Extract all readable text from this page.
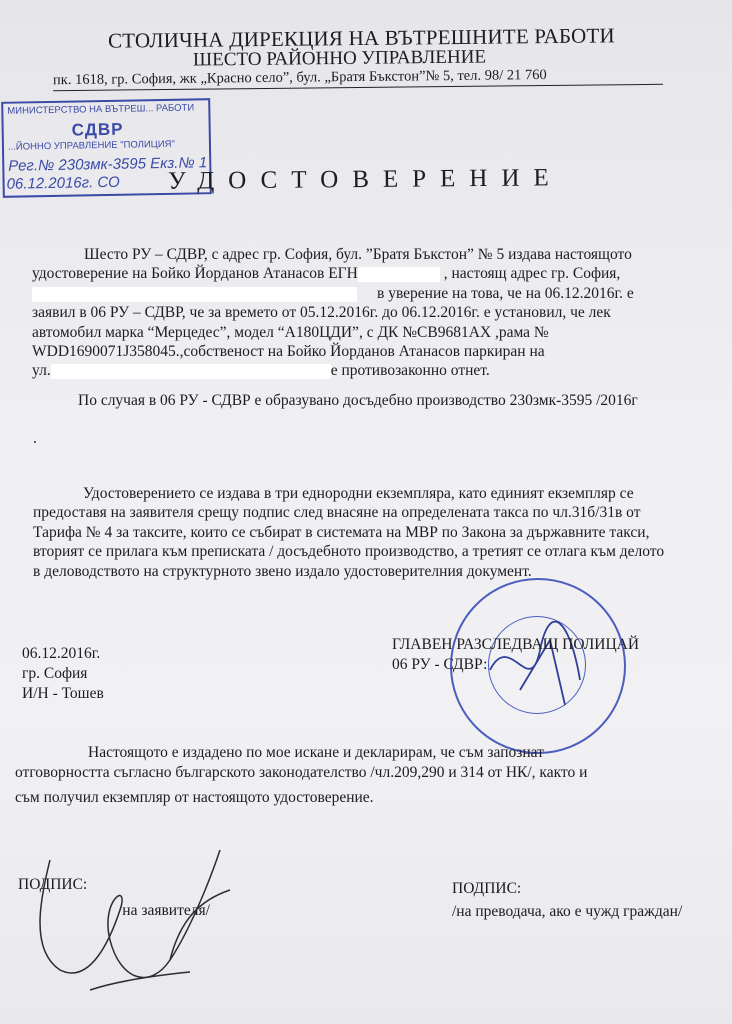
СТОЛИЧНА ДИРЕКЦИЯ НА ВЪТРЕШНИТЕ РАБОТИ
ШЕСТО РАЙОННО УПРАВЛЕНИЕ
пк. 1618, гр. София, жк „Красно село”, бул. „Братя Бъкстон”№ 5, тел. 98/ 21 760
МИНИСТЕРСТВО НА ВЪТРЕШ... РАБОТИ
СДВР
...ЙОННО УПРАВЛЕНИЕ "ПОЛИЦИЯ"
Рег.№ 230змк-3595 Екз.№ 1
06.12.2016г. СО УДОСТОВЕРЕНИЕ
Шесто РУ – СДВР, с адрес гр. София, бул. ”Братя Бъкстон” № 5 издава настоящото
удостоверение на Бойко Йорданов Атанасов ЕГН	, настоящ адрес гр. София,
в уверение на това, че на 06.12.2016г. е
заявил в 06 РУ – СДВР, че за времето от 05.12.2016г. до 06.12.2016г. е установил, че лек
автомобил марка “Мерцедес”, модел “А180ЦДИ”, с ДК №СВ9681АХ ,рама №
WDD1690071J358045.,собственост на Бойко Йорданов Атанасов паркиран на
ул.	е противозаконно отнет.
По случая в 06 РУ - СДВР е образувано досъдебно производство 230змк-3595 /2016г
.
Удостоверението се издава в три еднородни екземпляра, като единият екземпляр се
предоставя на заявителя срещу подпис след внасяне на определената такса по чл.31б/31в от
Тарифа № 4 за таксите, които се събират в системата на МВР по Закона за държавните такси,
вторият се прилага към преписката / досъдебното производство, а третият се отлага към делото
в деловодството на структурното звено издало удостоверителния документ.
06.12.2016г.
гр. София
И/Н - Тошев
ГЛАВЕН РАЗСЛЕДВАЩ ПОЛИЦАЙ
06 РУ - СДВР:
Настоящото е издадено по мое искане и декларирам, че съм запознат
отговорността съгласно българското законодателство /чл.209,290 и 314 от НК/, както и
съм получил екземпляр от настоящото удостоверение.
ПОДПИС:
/на заявителя/
ПОДПИС:
/на преводача, ако е чужд граждан/
